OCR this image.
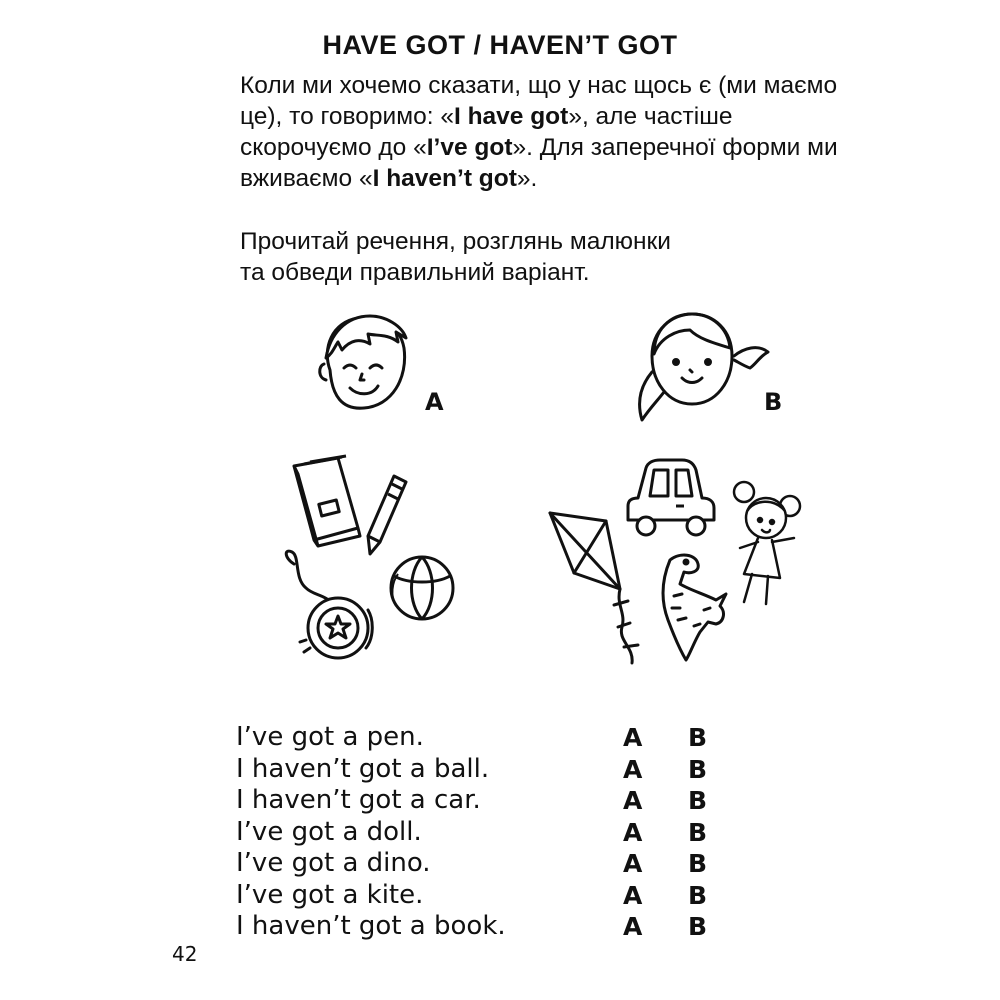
HAVE GOT / HAVEN’T GOT

Коли ми хочемо сказати, що у нас щось є (ми маємо це), то говоримо: «I have got», але частіше скорочуємо до «I’ve got». Для заперечної форми ми вживаємо «I haven’t got».

Прочитай речення, розглянь малюнки

та обведи правильний варіант.

A	B
I’ve got a pen.	A B
I haven’t got a ball.	A B
I haven’t got a car.	A B
I’ve got a doll.	A B
I’ve got a dino.	A B
I’ve got a kite.	A B
I haven’t got a book.	A B
42
